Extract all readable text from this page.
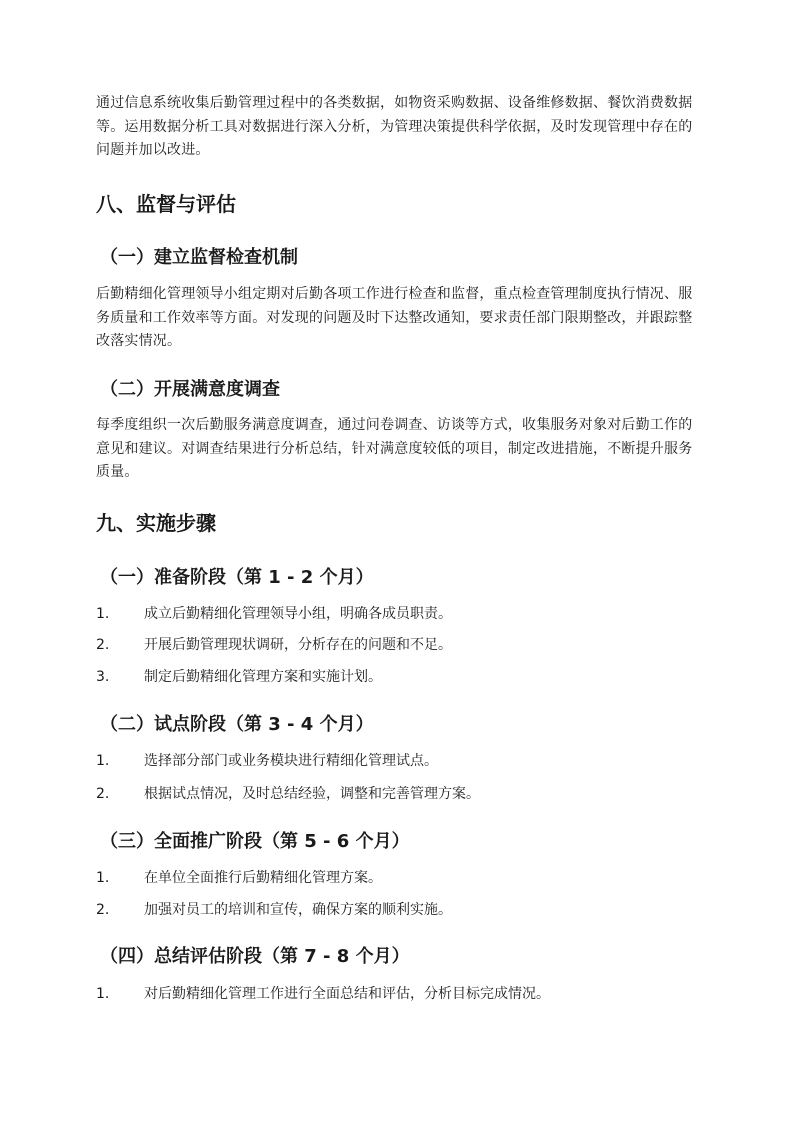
通过信息系统收集后勤管理过程中的各类数据，如物资采购数据、设备维修数据、餐饮消费数据等。运用数据分析工具对数据进行深入分析，为管理决策提供科学依据，及时发现管理中存在的问题并加以改进。

八、监督与评估
（一）建立监督检查机制

后勤精细化管理领导小组定期对后勤各项工作进行检查和监督，重点检查管理制度执行情况、服务质量和工作效率等方面。对发现的问题及时下达整改通知，要求责任部门限期整改，并跟踪整改落实情况。

（二）开展满意度调查

每季度组织一次后勤服务满意度调查，通过问卷调查、访谈等方式，收集服务对象对后勤工作的意见和建议。对调查结果进行分析总结，针对满意度较低的项目，制定改进措施，不断提升服务质量。

九、实施步骤
（一）准备阶段（第 1 - 2 个月）

1. 成立后勤精细化管理领导小组，明确各成员职责。

2. 开展后勤管理现状调研，分析存在的问题和不足。

3. 制定后勤精细化管理方案和实施计划。

（二）试点阶段（第 3 - 4 个月）

1. 选择部分部门或业务模块进行精细化管理试点。

2. 根据试点情况，及时总结经验，调整和完善管理方案。

（三）全面推广阶段（第 5 - 6 个月）

1. 在单位全面推行后勤精细化管理方案。

2. 加强对员工的培训和宣传，确保方案的顺利实施。

（四）总结评估阶段（第 7 - 8 个月）

1. 对后勤精细化管理工作进行全面总结和评估，分析目标完成情况。
